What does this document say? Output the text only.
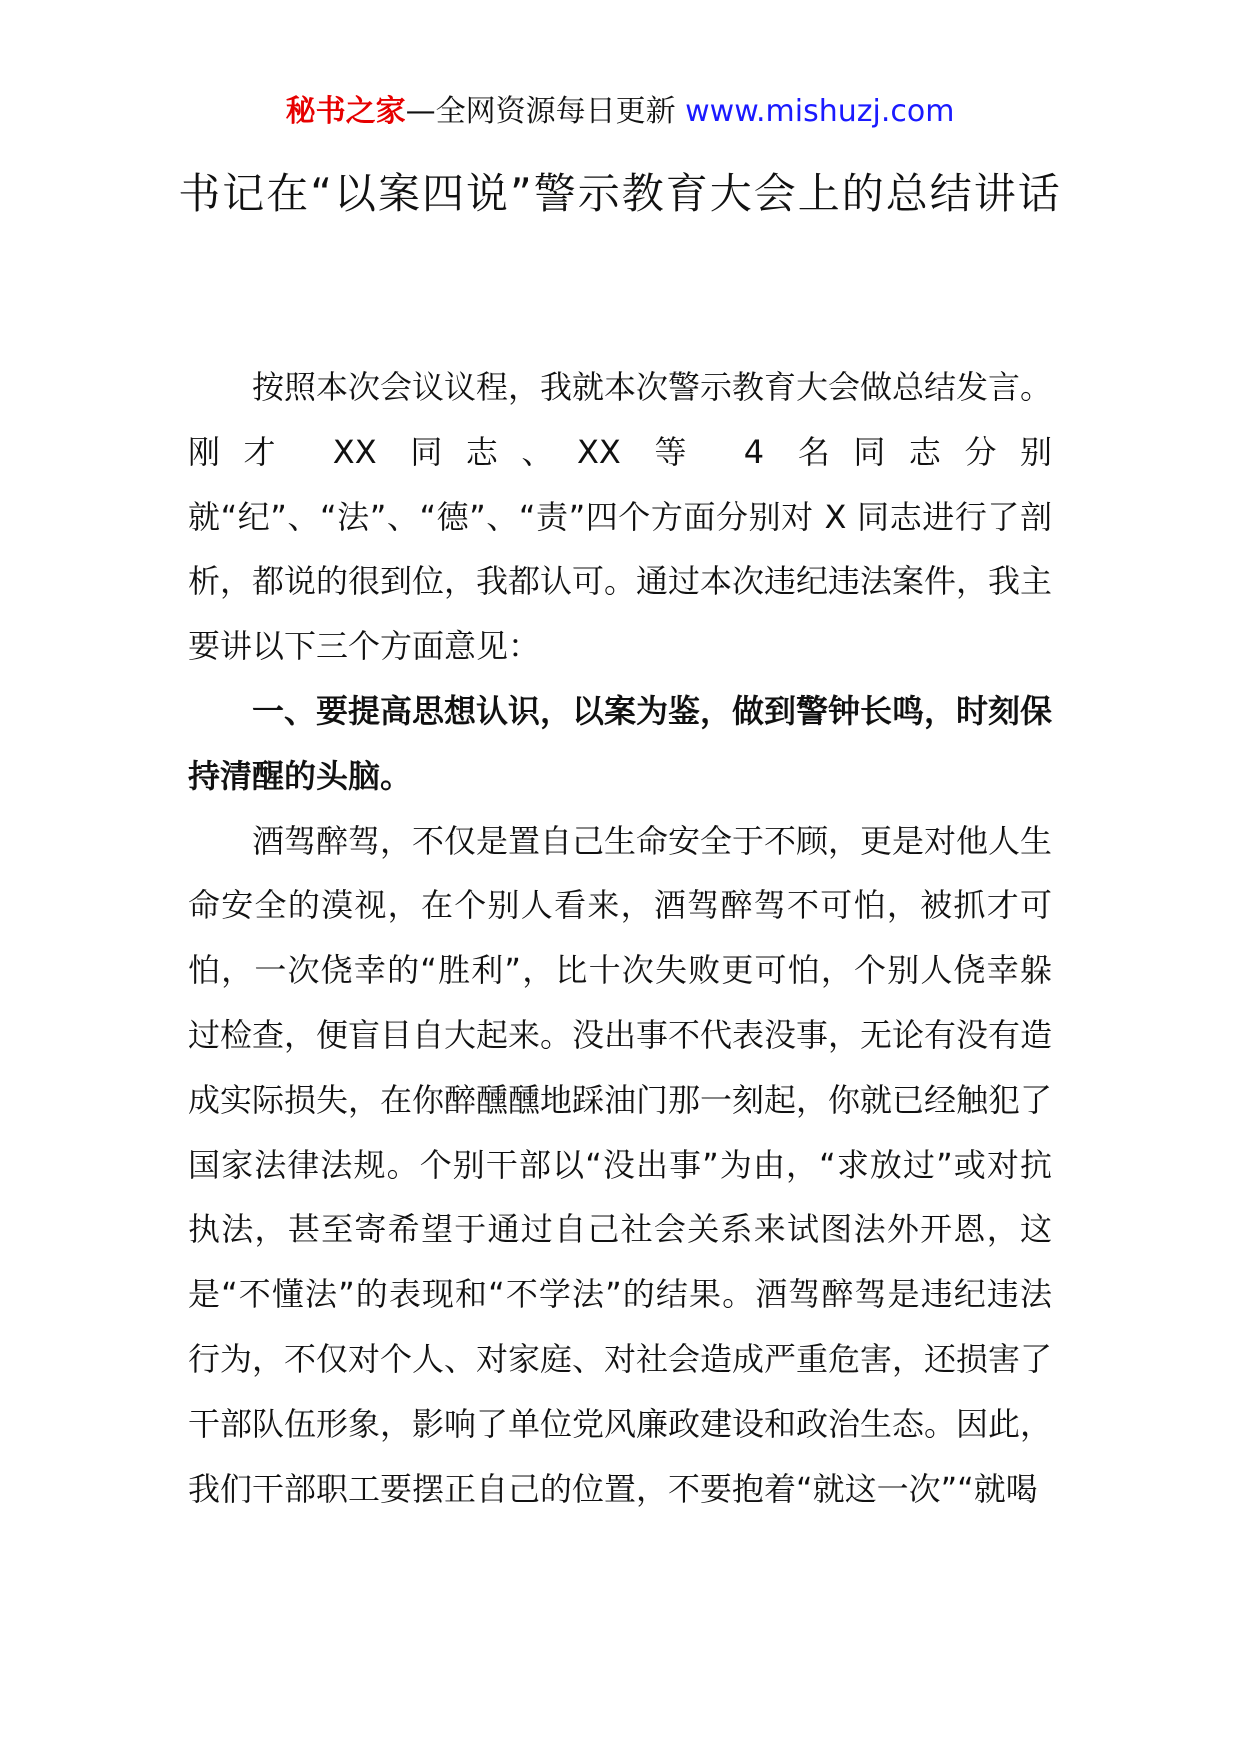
秘书之家—全网资源每日更新 www.mishuzj.com
书记在“以案四说”警示教育大会上的总结讲话

按照本次会议议程，我就本次警示教育大会做总结发言。刚才 XX 同志、XX 等 4 名同志分别就“纪”、“法”、“德”、“责”四个方面分别对 X 同志进行了剖析，都说的很到位，我都认可。通过本次违纪违法案件，我主要讲以下三个方面意见：

一、要提高思想认识，以案为鉴，做到警钟长鸣，时刻保持清醒的头脑。

酒驾醉驾，不仅是置自己生命安全于不顾，更是对他人生命安全的漠视，在个别人看来，酒驾醉驾不可怕，被抓才可怕，一次侥幸的“胜利”，比十次失败更可怕，个别人侥幸躲过检查，便盲目自大起来。没出事不代表没事，无论有没有造成实际损失，在你醉醺醺地踩油门那一刻起，你就已经触犯了国家法律法规。个别干部以“没出事”为由，“求放过”或对抗执法，甚至寄希望于通过自己社会关系来试图法外开恩，这是“不懂法”的表现和“不学法”的结果。酒驾醉驾是违纪违法行为，不仅对个人、对家庭、对社会造成严重危害，还损害了干部队伍形象，影响了单位党风廉政建设和政治生态。因此，我们干部职工要摆正自己的位置，不要抱着“就这一次”“就喝
